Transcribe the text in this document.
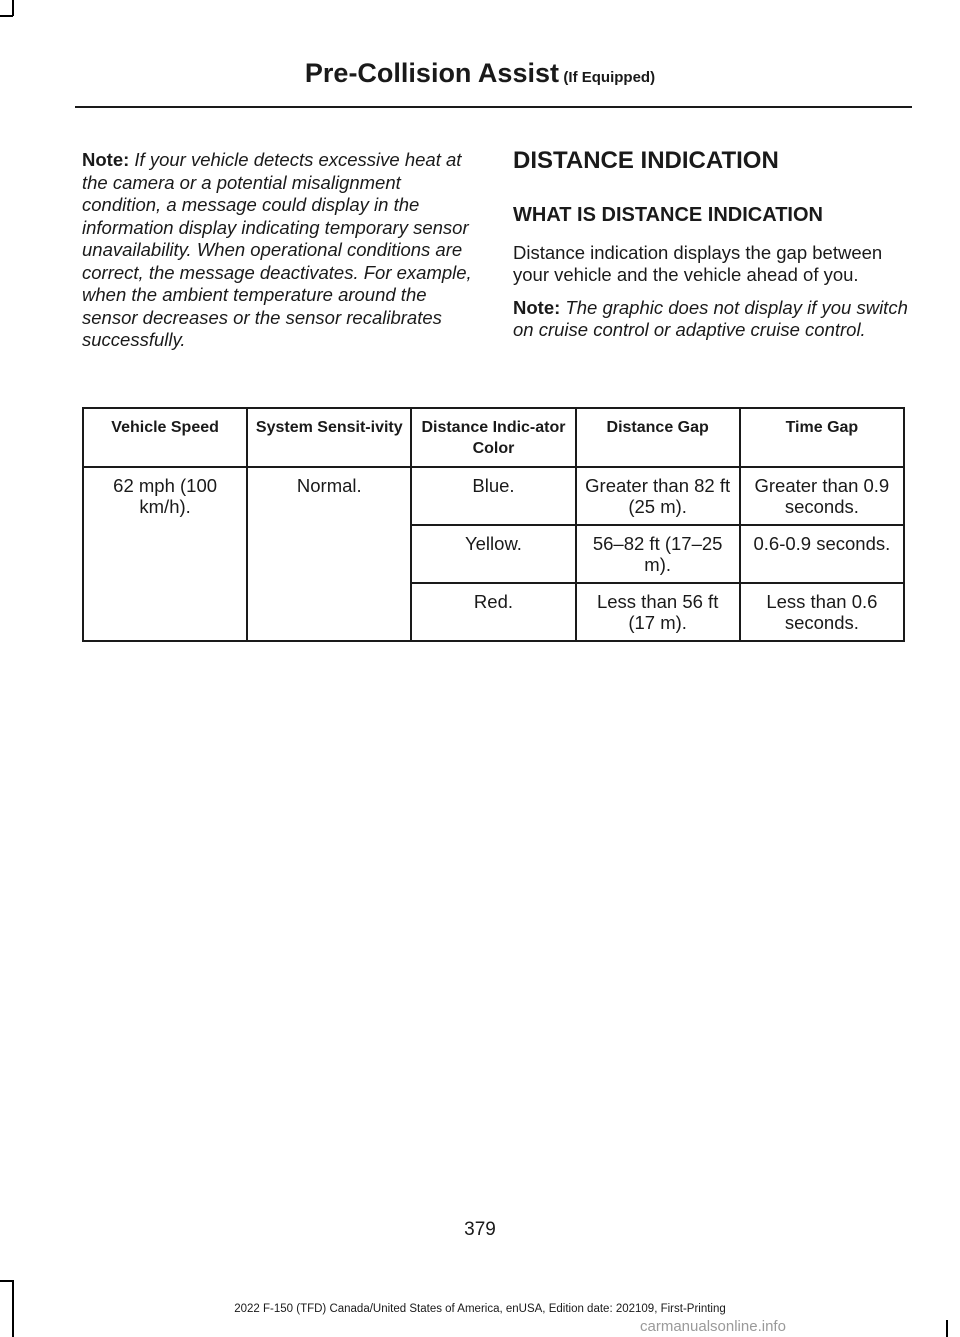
Pre-Collision Assist (If Equipped)
Note: If your vehicle detects excessive heat at the camera or a potential misalignment condition, a message could display in the information display indicating temporary sensor unavailability. When operational conditions are correct, the message deactivates. For example, when the ambient temperature around the sensor decreases or the sensor recalibrates successfully.
DISTANCE INDICATION
WHAT IS DISTANCE INDICATION
Distance indication displays the gap between your vehicle and the vehicle ahead of you.
Note: The graphic does not display if you switch on cruise control or adaptive cruise control.
Vehicle Speed	System Sensit-ivity	Distance Indic-ator Color	Distance Gap	Time Gap
62 mph (100 km/h).	Normal.	Blue.	Greater than 82 ft (25 m).	Greater than 0.9 seconds.
		Yellow.	56–82 ft (17–25 m).	0.6-0.9 seconds.
		Red.	Less than 56 ft (17 m).	Less than 0.6 seconds.
379
2022 F-150 (TFD) Canada/United States of America, enUSA, Edition date: 202109, First-Printing
carmanualsonline.info
